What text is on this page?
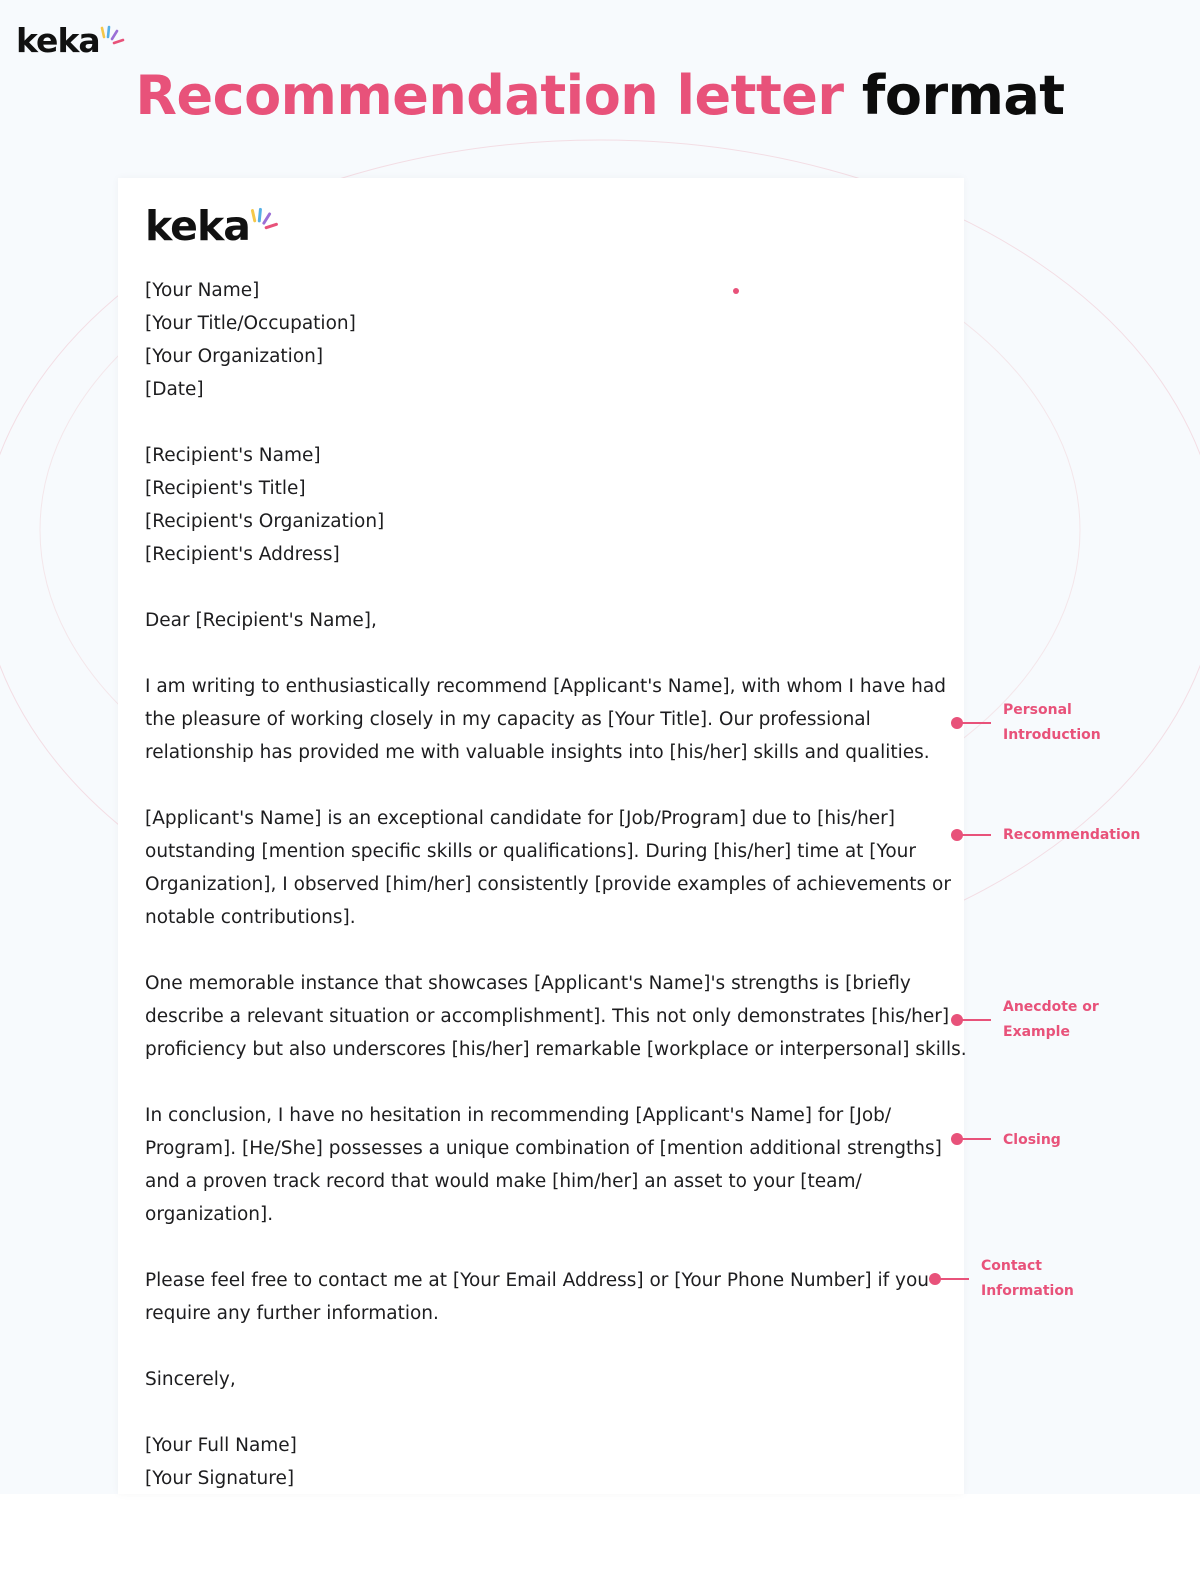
keka
Recommendation letter format
keka
[Your Name]
[Your Title/Occupation]
[Your Organization]
[Date]
[Recipient's Name]
[Recipient's Title]
[Recipient's Organization]
[Recipient's Address]
Dear [Recipient's Name],
I am writing to enthusiastically recommend [Applicant's Name], with whom I have had
the pleasure of working closely in my capacity as [Your Title]. Our professional
relationship has provided me with valuable insights into [his/her] skills and qualities.
[Applicant's Name] is an exceptional candidate for [Job/Program] due to [his/her]
outstanding [mention specific skills or qualifications]. During [his/her] time at [Your
Organization], I observed [him/her] consistently [provide examples of achievements or
notable contributions].
One memorable instance that showcases [Applicant's Name]'s strengths is [briefly
describe a relevant situation or accomplishment]. This not only demonstrates [his/her]
proficiency but also underscores [his/her] remarkable [workplace or interpersonal] skills.
In conclusion, I have no hesitation in recommending [Applicant's Name] for [Job/
Program]. [He/She] possesses a unique combination of [mention additional strengths]
and a proven track record that would make [him/her] an asset to your [team/
organization].
Please feel free to contact me at [Your Email Address] or [Your Phone Number] if you
require any further information.
Sincerely,
[Your Full Name]
[Your Signature]
Personal
Introduction
Recommendation
Anecdote or
Example
Closing
Contact
Information
